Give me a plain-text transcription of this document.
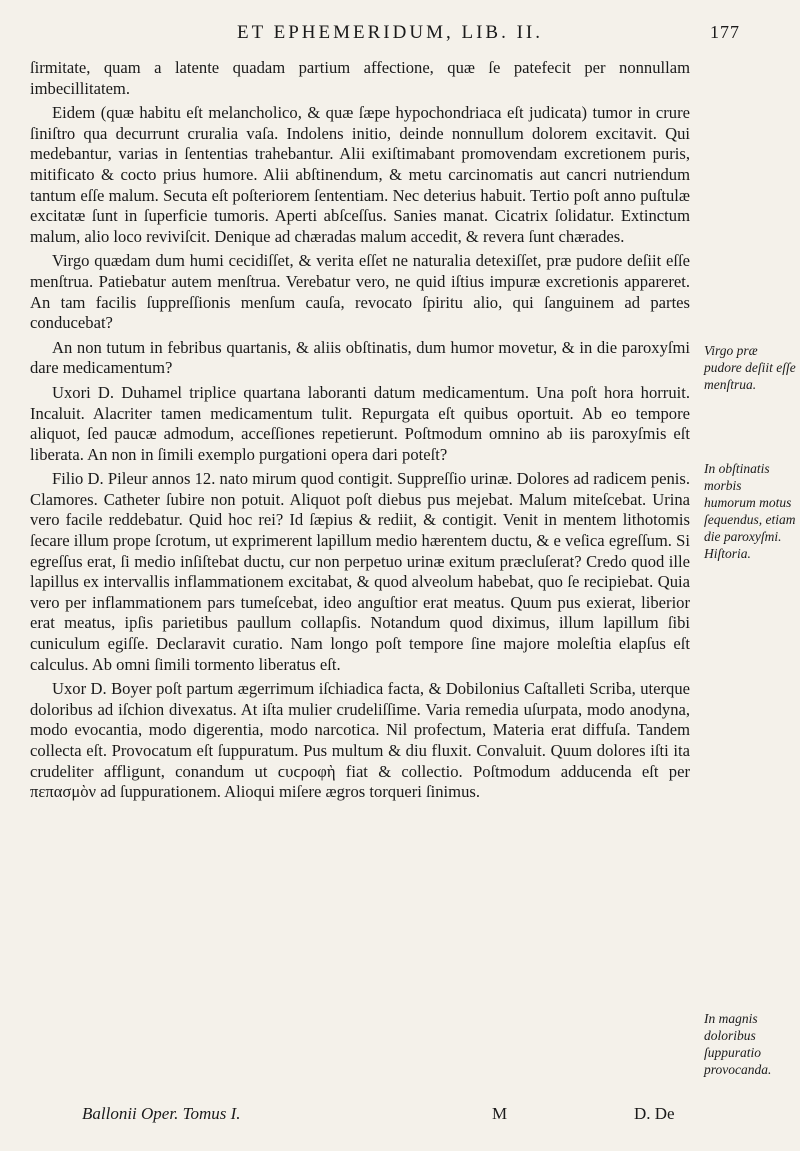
ET EPHEMERIDUM, LIB. II.	177

ſirmitate, quam a latente quadam partium affectione, quæ ſe patefecit per nonnullam imbecillitatem.

Eidem (quæ habitu eſt melancholico, & quæ ſæpe hypochondriaca eſt judicata) tumor in crure ſiniſtro qua decurrunt cruralia vaſa. Indolens initio, deinde nonnullum dolorem excitavit. Qui medebantur, varias in ſententias trahebantur. Alii exiſtimabant promovendam excretionem puris, mitificato & cocto prius humore. Alii abſtinendum, & metu carcinomatis aut cancri nutriendum tantum eſſe malum. Secuta eſt poſteriorem ſententiam. Nec deterius habuit. Tertio poſt anno puſtulæ excitatæ ſunt in ſuperficie tumoris. Aperti abſceſſus. Sanies manat. Cicatrix ſolidatur. Extinctum malum, alio loco reviviſcit. Denique ad chæradas malum accedit, & revera ſunt chærades.

Virgo quædam dum humi cecidiſſet, & verita eſſet ne naturalia detexiſſet, præ pudore deſiit eſſe menſtrua. Patiebatur autem menſtrua. Verebatur vero, ne quid iſtius impuræ excretionis appareret. An tam facilis ſuppreſſionis menſum cauſa, revocato ſpiritu alio, qui ſanguinem ad partes conducebat?

An non tutum in febribus quartanis, & aliis obſtinatis, dum humor movetur, & in die paroxyſmi dare medicamentum?

Uxori D. Duhamel triplice quartana laboranti datum medicamentum. Una poſt hora horruit. Incaluit. Alacriter tamen medicamentum tulit. Repurgata eſt quibus oportuit. Ab eo tempore aliquot, ſed paucæ admodum, acceſſiones repetierunt. Poſtmodum omnino ab iis paroxyſmis eſt liberata. An non in ſimili exemplo purgationi opera dari poteſt?

Filio D. Pileur annos 12. nato mirum quod contigit. Suppreſſio urinæ. Dolores ad radicem penis. Clamores. Catheter ſubire non potuit. Aliquot poſt diebus pus mejebat. Malum miteſcebat. Urina vero facile reddebatur. Quid hoc rei? Id ſæpius & rediit, & contigit. Venit in mentem lithotomis ſecare illum prope ſcrotum, ut exprimerent lapillum medio hærentem ductu, & e veſica egreſſum. Si egreſſus erat, ſi medio inſiſtebat ductu, cur non perpetuo urinæ exitum præcluſerat? Credo quod ille lapillus ex intervallis inflammationem excitabat, & quod alveolum habebat, quo ſe recipiebat. Quia vero per inflammationem pars tumeſcebat, ideo anguſtior erat meatus. Quum pus exierat, liberior erat meatus, ipſis parietibus paullum collapſis. Notandum quod diximus, illum lapillum ſibi cuniculum egiſſe. Declaravit curatio. Nam longo poſt tempore ſine majore moleſtia elapſus eſt calculus. Ab omni ſimili tormento liberatus eſt.

Uxor D. Boyer poſt partum ægerrimum iſchiadica facta, & Dobilonius Caſtalleti Scriba, uterque doloribus ad iſchion divexatus. At iſta mulier crudeliſſime. Varia remedia uſurpata, modo anodyna, modo evocantia, modo digerentia, modo narcotica. Nil profectum, Materia erat diffuſa. Tandem collecta eſt. Provocatum eſt ſuppuratum. Pus multum & diu fluxit. Convaluit. Quum dolores iſti ita crudeliter affligunt, conandum ut ϲυϲροφὴ fiat & collectio. Poſtmodum adducenda eſt per πεπασμὸν ad ſuppurationem. Alioqui miſere ægros torqueri ſinimus.

Virgo præ pudore deſiit eſſe menſtrua.
In obſtinatis morbis humorum motus ſequendus, etiam die paroxyſmi. Hiſtoria.
In magnis doloribus ſuppuratio provocanda.
Ballonii Oper. Tomus I.	M	D. De
